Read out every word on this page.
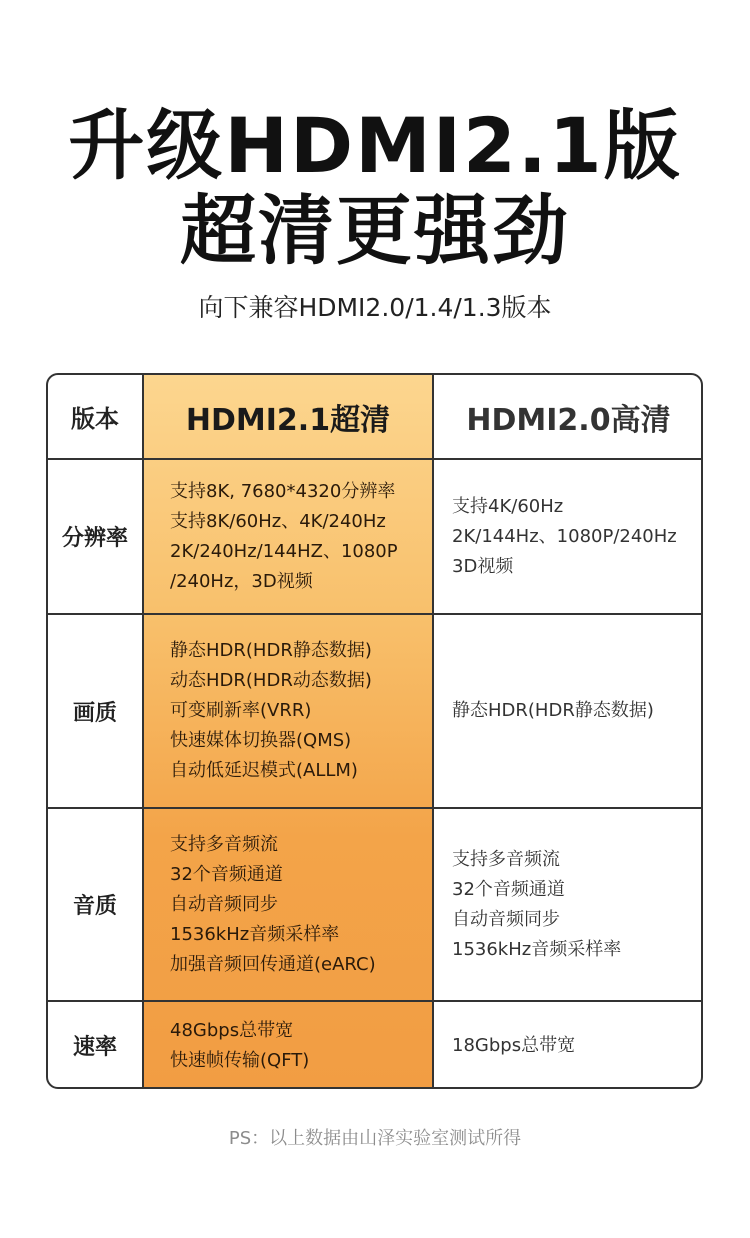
升级HDMI2.1版
超清更强劲
向下兼容HDMI2.0/1.4/1.3版本
版本	HDMI2.1超清	HDMI2.0高清
分辨率
支持8K, 7680*4320分辨率
支持8K/60Hz、4K/240Hz
2K/240Hz/144HZ、1080P
/240Hz，3D视频
支持4K/60Hz
2K/144Hz、1080P/240Hz
3D视频
画质
静态HDR(HDR静态数据)
动态HDR(HDR动态数据)
可变刷新率(VRR)
快速媒体切换器(QMS)
自动低延迟模式(ALLM)
静态HDR(HDR静态数据)
音质
支持多音频流
32个音频通道
自动音频同步
1536kHz音频采样率
加强音频回传通道(eARC)
支持多音频流
32个音频通道
自动音频同步
1536kHz音频采样率
速率
48Gbps总带宽
快速帧传输(QFT)
18Gbps总带宽
PS：以上数据由山泽实验室测试所得
